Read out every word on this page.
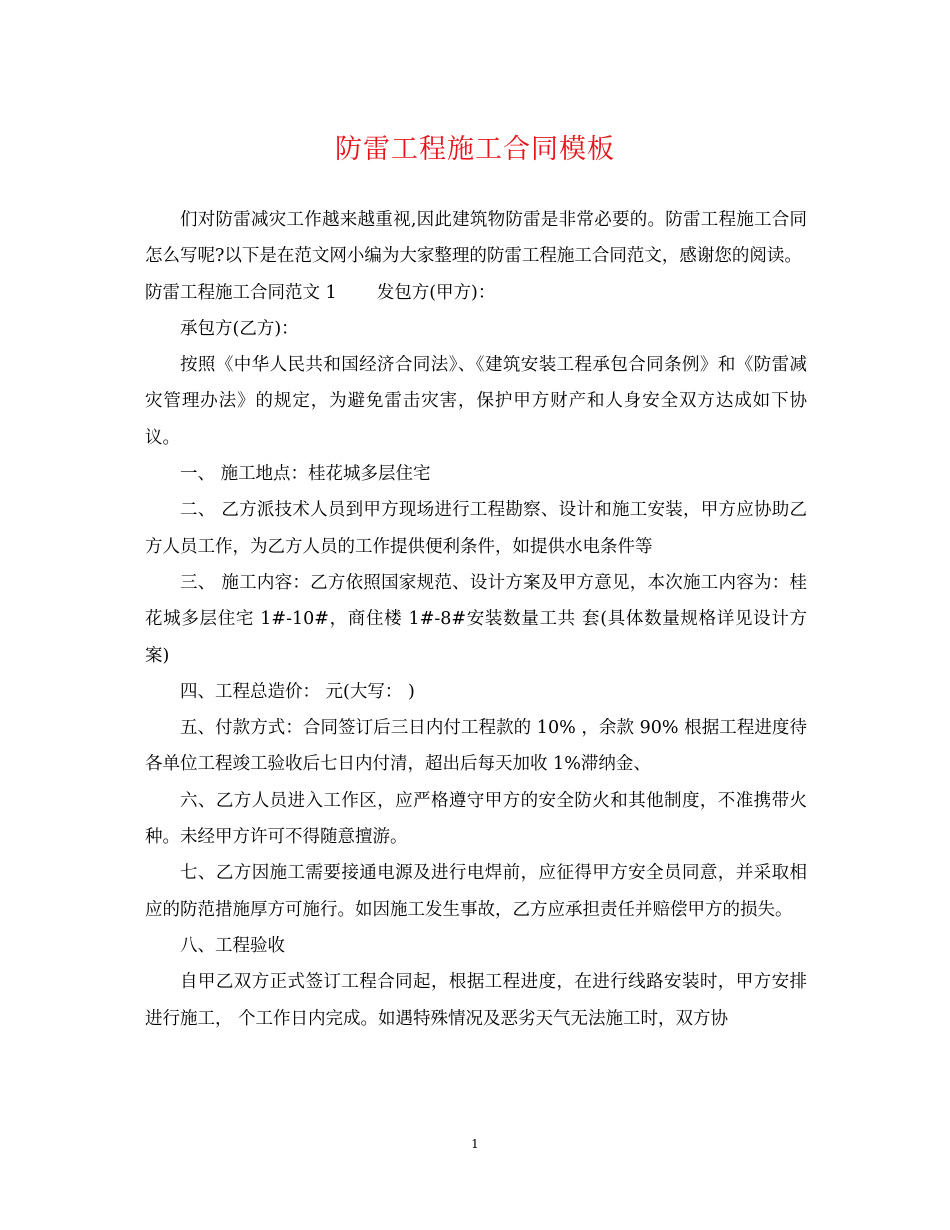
防雷工程施工合同模板

们对防雷减灾工作越来越重视,因此建筑物防雷是非常必要的。防雷工程施工合同怎么写呢?以下是在范文网小编为大家整理的防雷工程施工合同范文，感谢您的阅读。

防雷工程施工合同范文 1 发包方(甲方)：

承包方(乙方)：

按照《中华人民共和国经济合同法》、《建筑安装工程承包合同条例》和《防雷减灾管理办法》的规定，为避免雷击灾害，保护甲方财产和人身安全双方达成如下协议。

一、 施工地点：桂花城多层住宅

二、 乙方派技术人员到甲方现场进行工程勘察、设计和施工安装，甲方应协助乙方人员工作，为乙方人员的工作提供便利条件，如提供水电条件等

三、 施工内容：乙方依照国家规范、设计方案及甲方意见，本次施工内容为：桂花城多层住宅 1#-10#，商住楼 1#-8#安装数量工共 套(具体数量规格详见设计方案)

四、工程总造价： 元(大写： )

五、付款方式：合同签订后三日内付工程款的 10% ，余款 90% 根据工程进度待各单位工程竣工验收后七日内付清，超出后每天加收 1%滞纳金、

六、乙方人员进入工作区，应严格遵守甲方的安全防火和其他制度，不准携带火种。未经甲方许可不得随意擅游。

七、乙方因施工需要接通电源及进行电焊前，应征得甲方安全员同意，并采取相应的防范措施厚方可施行。如因施工发生事故，乙方应承担责任并赔偿甲方的损失。

八、工程验收

自甲乙双方正式签订工程合同起，根据工程进度，在进行线路安装时，甲方安排进行施工， 个工作日内完成。如遇特殊情况及恶劣天气无法施工时，双方协

1
